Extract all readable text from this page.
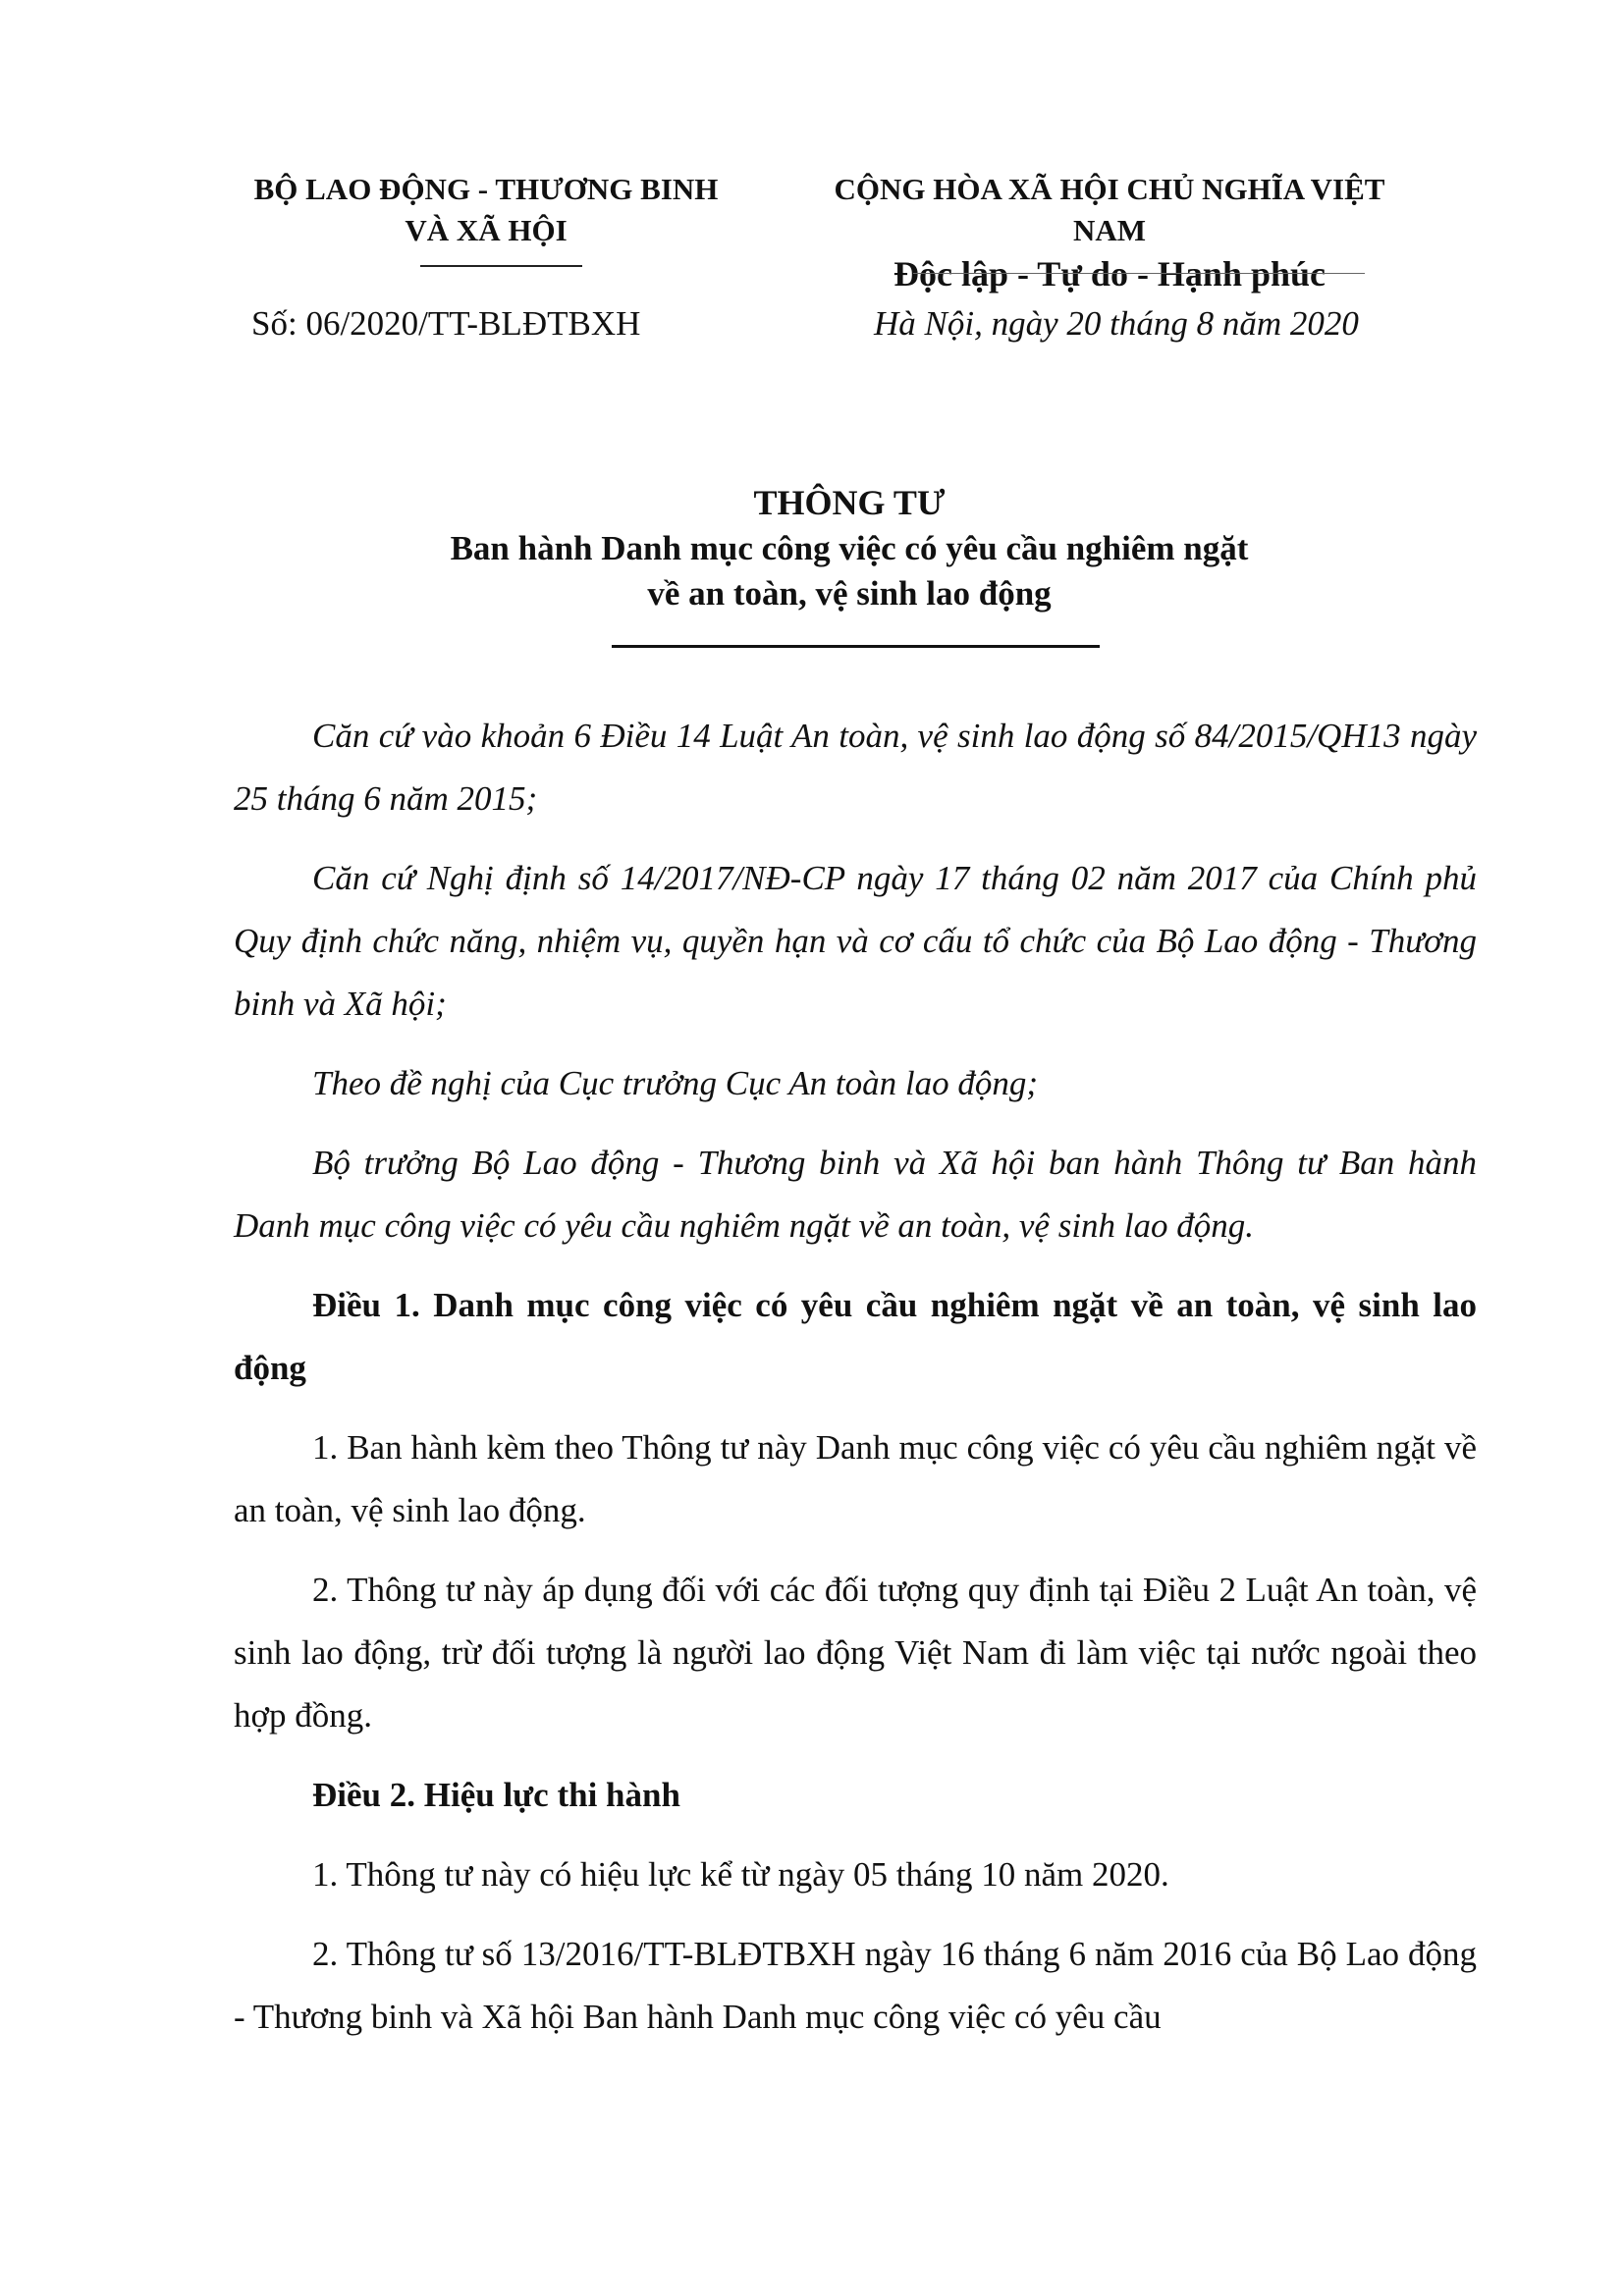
BỘ LAO ĐỘNG - THƯƠNG BINH
VÀ XÃ HỘI
CỘNG HÒA XÃ HỘI CHỦ NGHĨA VIỆT NAM
Độc lập - Tự do - Hạnh phúc
Số: 06/2020/TT-BLĐTBXH	Hà Nội, ngày 20 tháng 8 năm 2020
THÔNG TƯ
Ban hành Danh mục công việc có yêu cầu nghiêm ngặt
về an toàn, vệ sinh lao động

Căn cứ vào khoản 6 Điều 14 Luật An toàn, vệ sinh lao động số 84/2015/QH13 ngày 25 tháng 6 năm 2015;

Căn cứ Nghị định số 14/2017/NĐ-CP ngày 17 tháng 02 năm 2017 của Chính phủ Quy định chức năng, nhiệm vụ, quyền hạn và cơ cấu tổ chức của Bộ Lao động - Thương binh và Xã hội;

Theo đề nghị của Cục trưởng Cục An toàn lao động;

Bộ trưởng Bộ Lao động - Thương binh và Xã hội ban hành Thông tư Ban hành Danh mục công việc có yêu cầu nghiêm ngặt về an toàn, vệ sinh lao động.

Điều 1. Danh mục công việc có yêu cầu nghiêm ngặt về an toàn, vệ sinh lao động

1. Ban hành kèm theo Thông tư này Danh mục công việc có yêu cầu nghiêm ngặt về an toàn, vệ sinh lao động.

2. Thông tư này áp dụng đối với các đối tượng quy định tại Điều 2 Luật An toàn, vệ sinh lao động, trừ đối tượng là người lao động Việt Nam đi làm việc tại nước ngoài theo hợp đồng.

Điều 2. Hiệu lực thi hành

1. Thông tư này có hiệu lực kể từ ngày 05 tháng 10 năm 2020.

2. Thông tư số 13/2016/TT-BLĐTBXH ngày 16 tháng 6 năm 2016 của Bộ Lao động - Thương binh và Xã hội Ban hành Danh mục công việc có yêu cầu
